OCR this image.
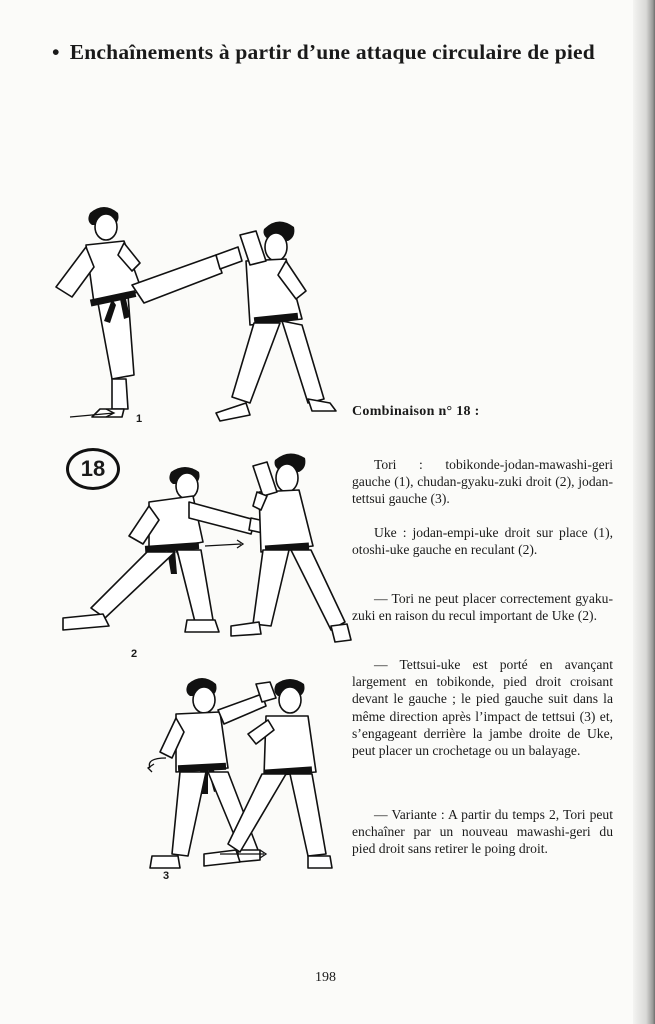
• Enchaînements à partir d’une attaque circulaire de pied
1
18
2
3
Combinaison n° 18 :

Tori : tobikonde-jodan-mawashi-geri gauche (1), chudan-gyaku-zuki droit (2), jodan-tettsui gauche (3).

Uke : jodan-empi-uke droit sur place (1), otoshi-uke gauche en reculant (2).

— Tori ne peut placer correctement gyaku-zuki en raison du recul important de Uke (2).

— Tettsui-uke est porté en avançant largement en tobikonde, pied droit croisant devant le gauche ; le pied gauche suit dans la même direction après l’impact de tettsui (3) et, s’engageant derrière la jambe droite de Uke, peut placer un crochetage ou un balayage.

— Variante : A partir du temps 2, Tori peut enchaîner par un nouveau mawashi-geri du pied droit sans retirer le poing droit.

198
